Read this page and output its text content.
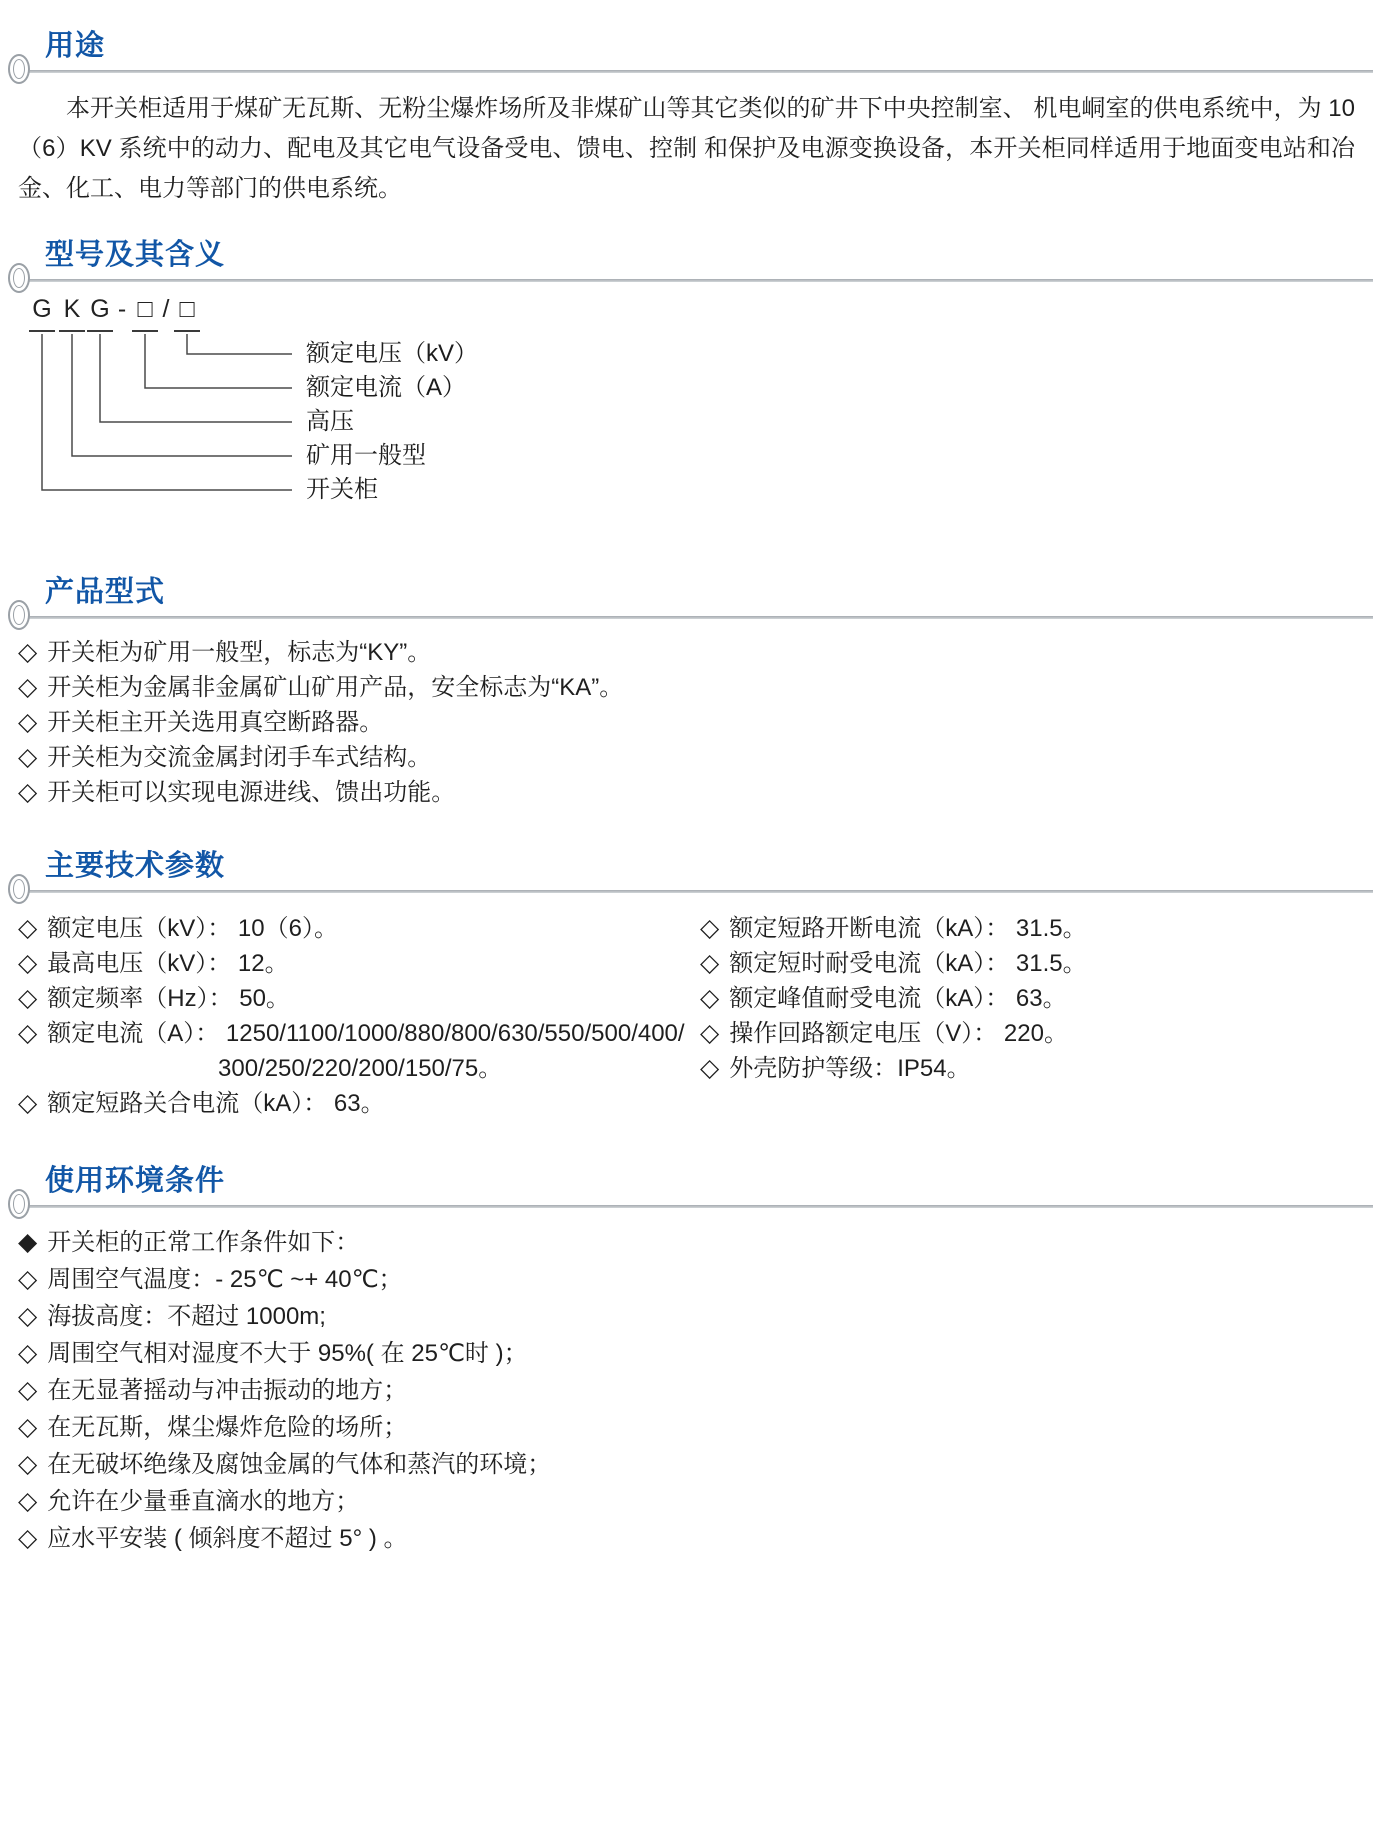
用途

本开关柜适用于煤矿无瓦斯、无粉尘爆炸场所及非煤矿山等其它类似的矿井下中央控制室、 机电峒室的供电系统中，为 10（6）KV 系统中的动力、配电及其它电气设备受电、馈电、控制 和保护及电源变换设备，本开关柜同样适用于地面变电站和冶金、化工、电力等部门的供电系统。

型号及其含义
G K G - □ / □
额定电压（kV）
额定电流（A）
高压
矿用一般型
开关柜
产品型式
◇ 开关柜为矿用一般型，标志为“KY”。
◇ 开关柜为金属非金属矿山矿用产品，安全标志为“KA”。
◇ 开关柜主开关选用真空断路器。
◇ 开关柜为交流金属封闭手车式结构。
◇ 开关柜可以实现电源进线、馈出功能。
主要技术参数
◇ 额定电压（kV）： 10（6）。
◇ 最高电压（kV）： 12。
◇ 额定频率（Hz）： 50。
◇ 额定电流（A）： 1250/1100/1000/880/800/630/550/500/400/
300/250/220/200/150/75。
◇ 额定短路关合电流（kA）： 63。
◇ 额定短路开断电流（kA）： 31.5。
◇ 额定短时耐受电流（kA）： 31.5。
◇ 额定峰值耐受电流（kA）： 63。
◇ 操作回路额定电压（V）： 220。
◇ 外壳防护等级：IP54。
使用环境条件
◆ 开关柜的正常工作条件如下：
◇ 周围空气温度：- 25℃ ~+ 40℃；
◇ 海拔高度：不超过 1000m;
◇ 周围空气相对湿度不大于 95%( 在 25℃时 )；
◇ 在无显著摇动与冲击振动的地方；
◇ 在无瓦斯，煤尘爆炸危险的场所；
◇ 在无破坏绝缘及腐蚀金属的气体和蒸汽的环境；
◇ 允许在少量垂直滴水的地方；
◇ 应水平安装 ( 倾斜度不超过 5° ) 。
